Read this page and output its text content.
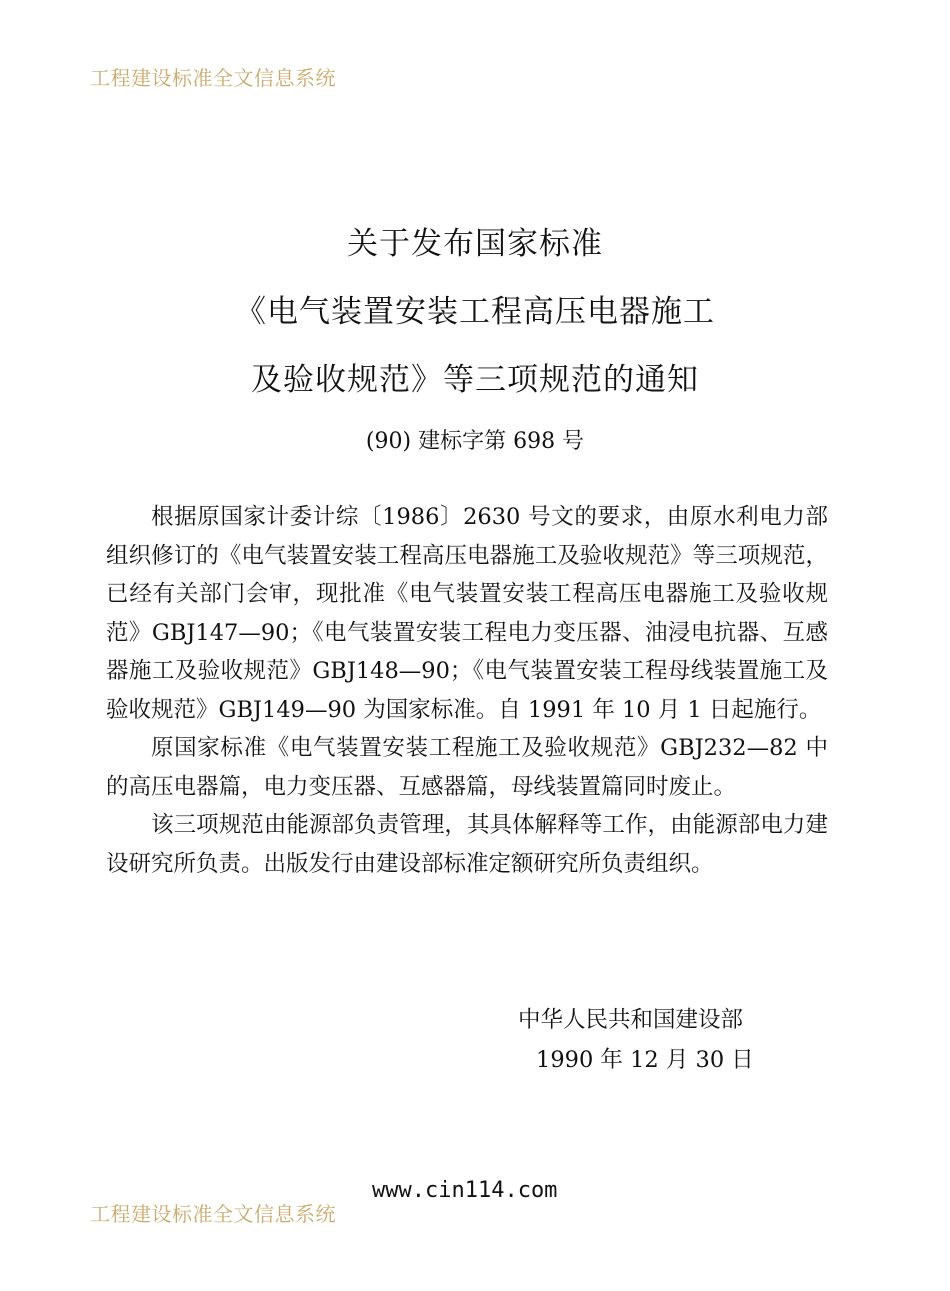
工程建设标准全文信息系统
关于发布国家标准
《电气装置安装工程高压电器施工
及验收规范》等三项规范的通知
(90) 建标字第 698 号

根据原国家计委计综〔1986〕2630 号文的要求，由原水利电力部组织修订的《电气装置安装工程高压电器施工及验收规范》等三项规范，已经有关部门会审，现批准《电气装置安装工程高压电器施工及验收规范》GBJ147—90；《电气装置安装工程电力变压器、油浸电抗器、互感器施工及验收规范》GBJ148—90；《电气装置安装工程母线装置施工及验收规范》GBJ149—90 为国家标准。自 1991 年 10 月 1 日起施行。

原国家标准《电气装置安装工程施工及验收规范》GBJ232—82 中的高压电器篇，电力变压器、互感器篇，母线装置篇同时废止。

该三项规范由能源部负责管理，其具体解释等工作，由能源部电力建设研究所负责。出版发行由建设部标准定额研究所负责组织。

中华人民共和国建设部
1990 年 12 月 30 日
工程建设标准全文信息系统
www.cin114.com
